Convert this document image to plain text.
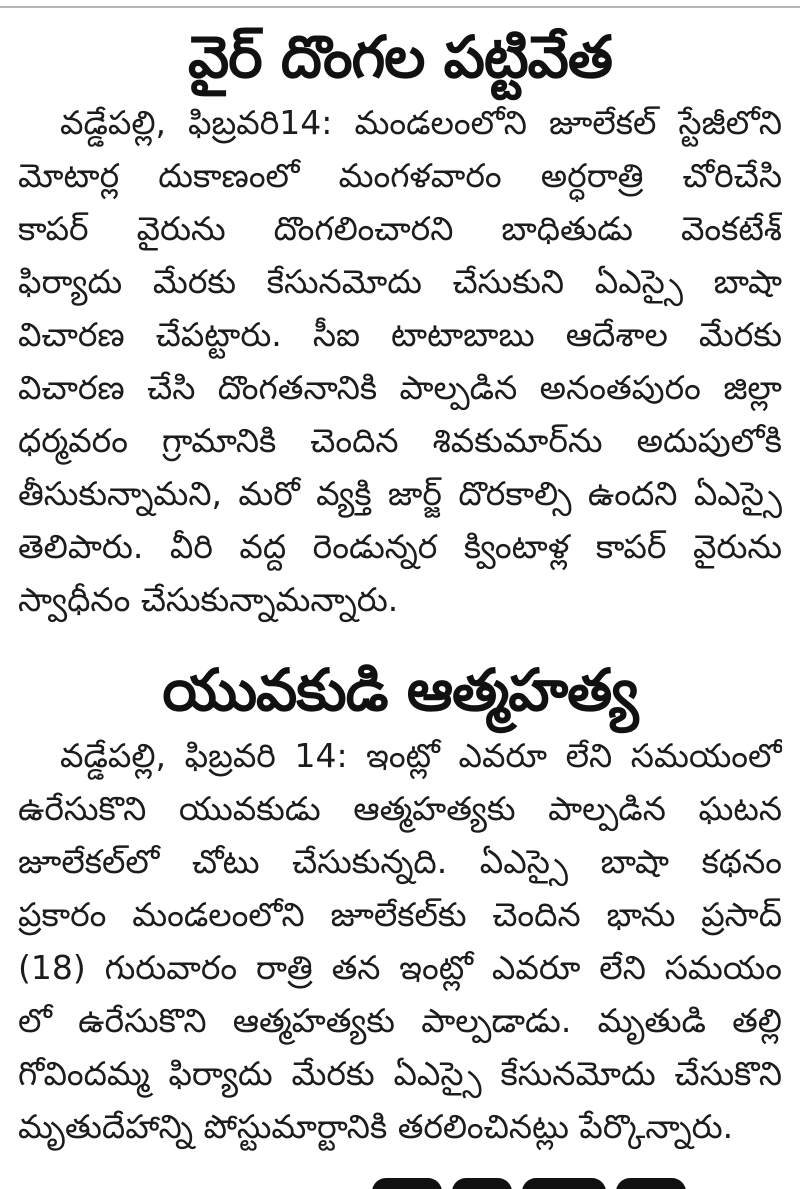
వైర్ దొంగల పట్టివేత
వడ్డేపల్లి, ఫిబ్రవరి14: మండలంలోని జూలేకల్ స్టేజీలోని
మోటార్ల దుకాణంలో మంగళవారం అర్ధరాత్రి చోరిచేసి
కాపర్ వైరును దొంగలించారని బాధితుడు వెంకటేశ్
ఫిర్యాదు మేరకు కేసునమోదు చేసుకుని ఏఎస్సై బాషా
విచారణ చేపట్టారు. సీఐ టాటాబాబు ఆదేశాల మేరకు
విచారణ చేసి దొంగతనానికి పాల్పడిన అనంతపురం జిల్లా
ధర్మవరం గ్రామానికి చెందిన శివకుమార్‌ను అదుపులోకి
తీసుకున్నామని, మరో వ్యక్తి జార్జ్ దొరకాల్సి ఉందని ఏఎస్సై
తెలిపారు. వీరి వద్ద రెండున్నర క్వింటాళ్ల కాపర్ వైరును
స్వాధీనం చేసుకున్నామన్నారు.
యువకుడి ఆత్మహత్య
వడ్డేపల్లి, ఫిబ్రవరి 14: ఇంట్లో ఎవరూ లేని సమయంలో
ఉరేసుకొని యువకుడు ఆత్మహత్యకు పాల్పడిన ఘటన
జూలేకల్‌లో చోటు చేసుకున్నది. ఏఎస్సై బాషా కథనం
ప్రకారం మండలంలోని జూలేకల్‌కు చెందిన భాను ప్రసాద్
(18) గురువారం రాత్రి తన ఇంట్లో ఎవరూ లేని సమయం
లో ఉరేసుకొని ఆత్మహత్యకు పాల్పడాడు. మృతుడి తల్లి
గోవిందమ్మ ఫిర్యాదు మేరకు ఏఎస్సై కేసునమోదు చేసుకొని
మృతుదేహాన్ని పోస్టుమార్టానికి తరలించినట్లు పేర్కొన్నారు.
